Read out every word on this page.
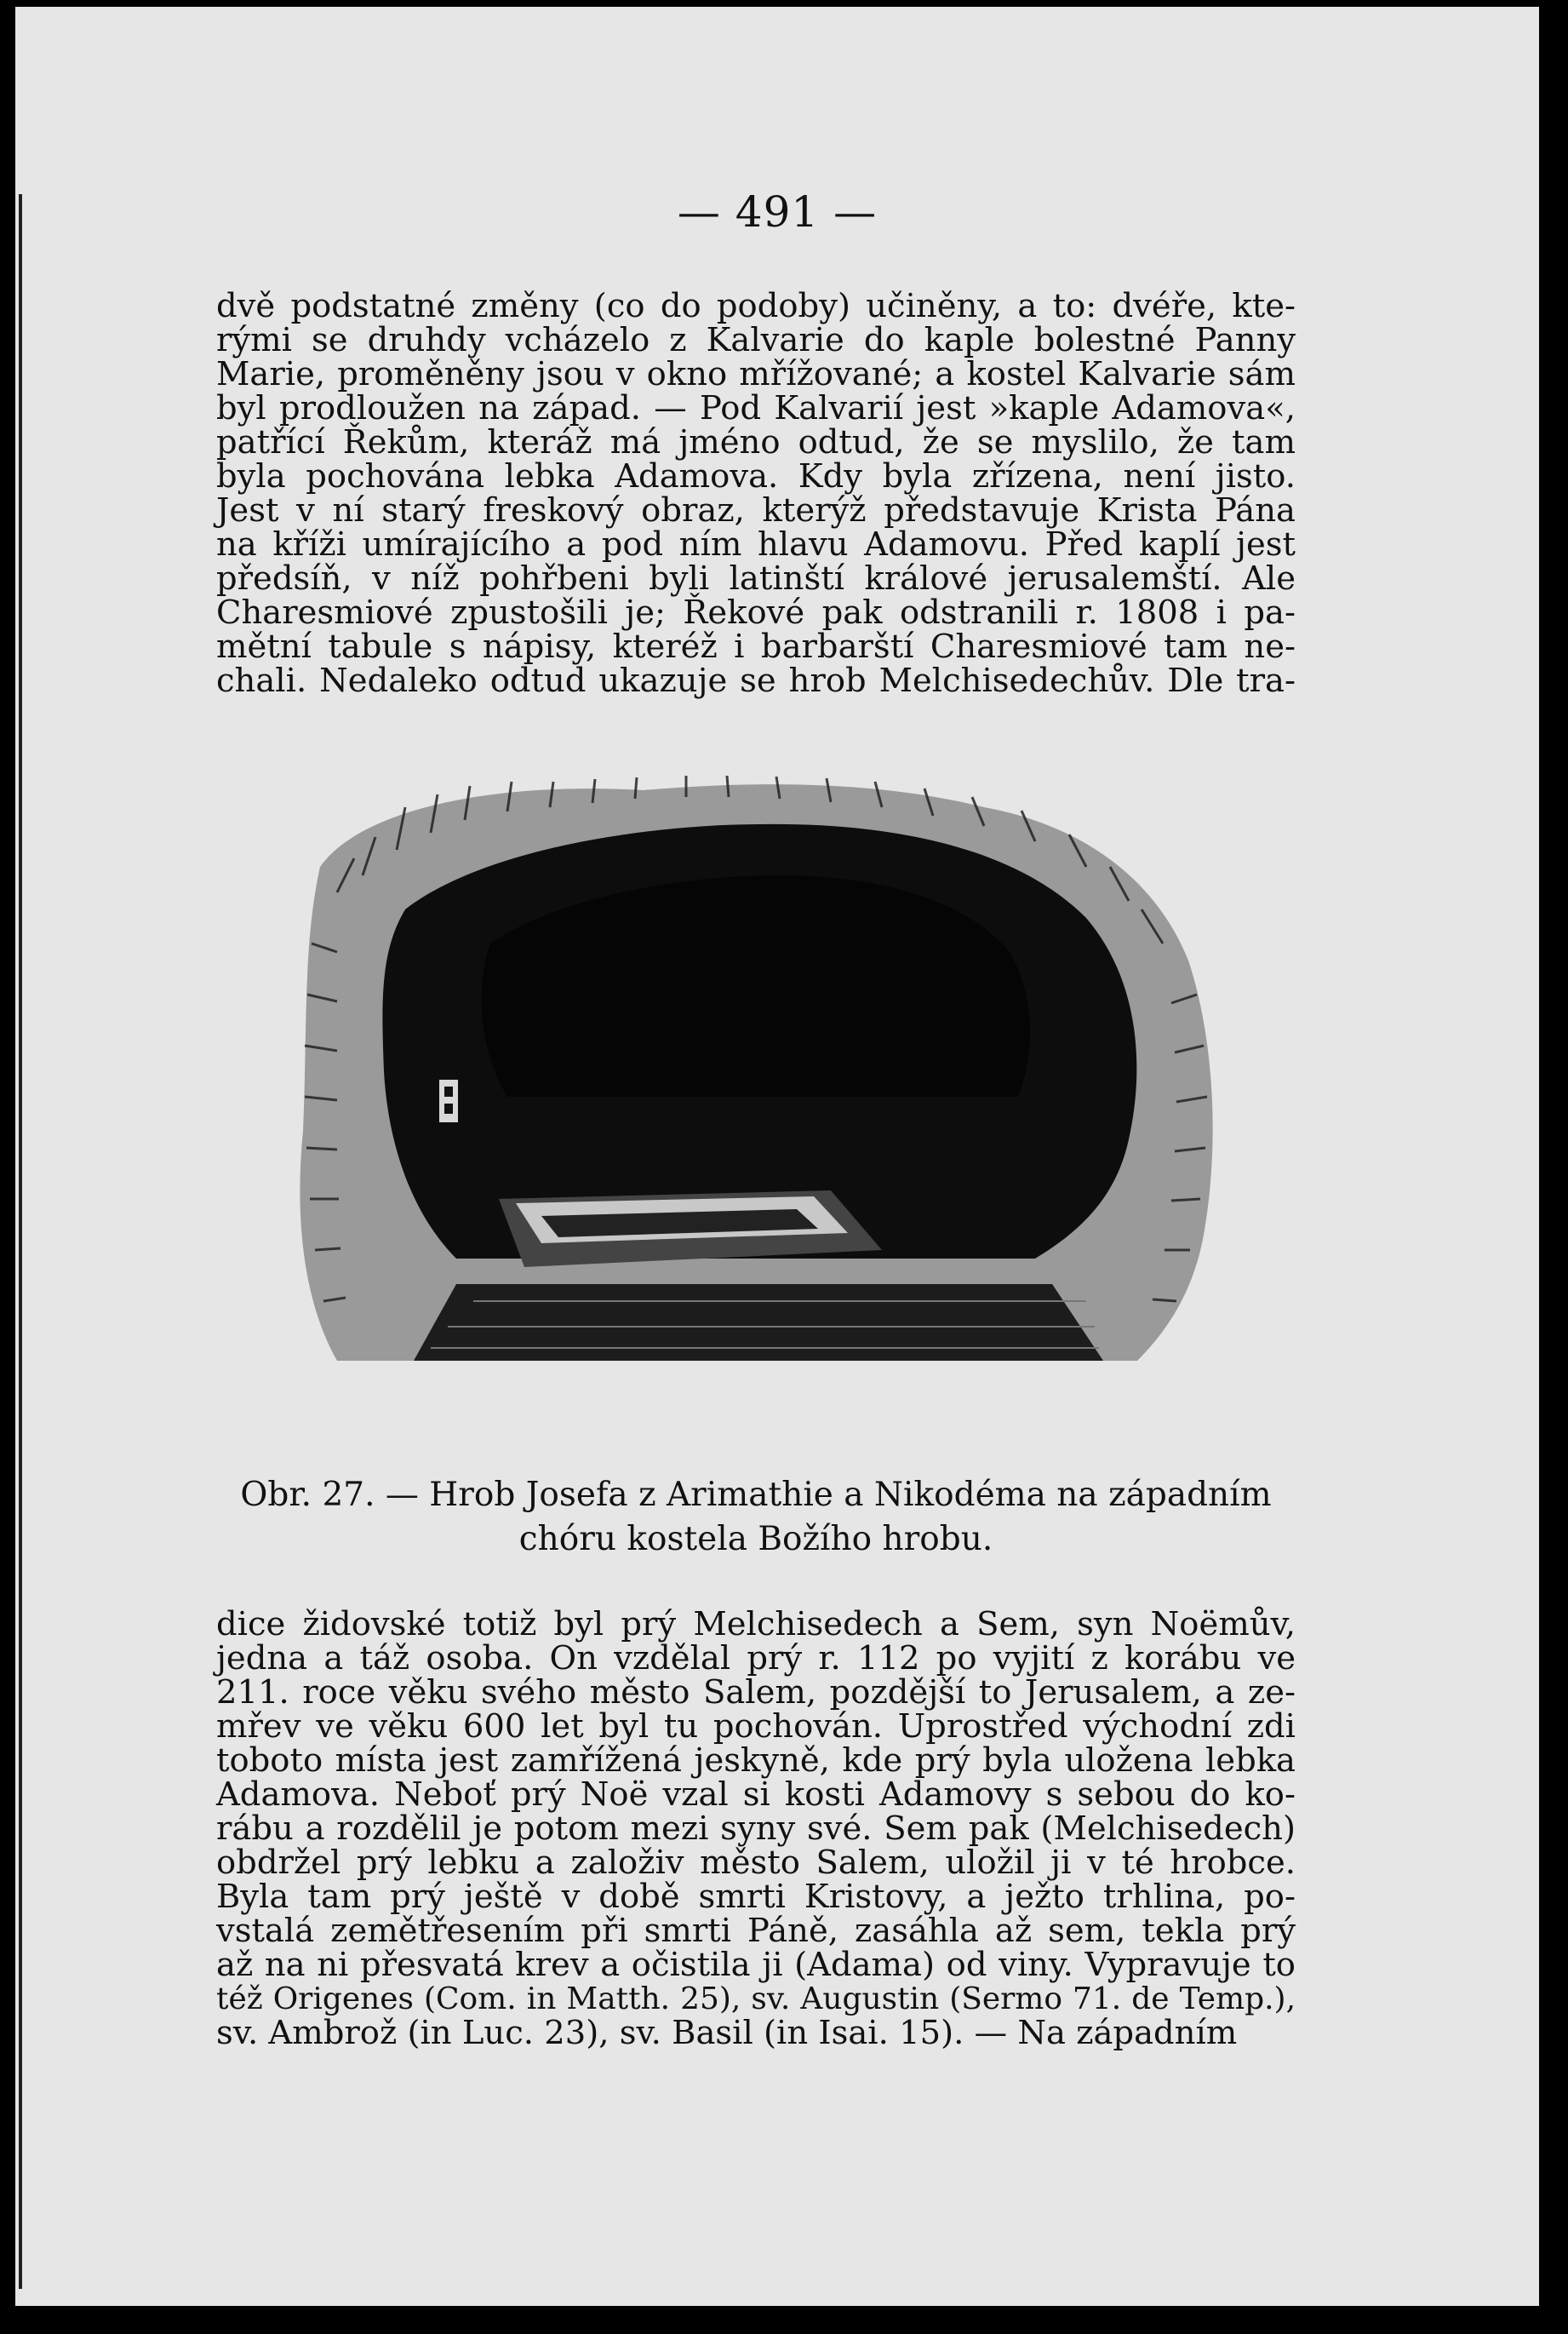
— 491 —
dvě podstatné změny (co do podoby) učiněny, a to: dvéře, kte-
rými se druhdy vcházelo z Kalvarie do kaple bolestné Panny
Marie, proměněny jsou v okno mřížované; a kostel Kalvarie sám
byl prodloužen na západ. — Pod Kalvarií jest »kaple Adamova«,
patřící Řekům, kteráž má jméno odtud, že se myslilo, že tam
byla pochována lebka Adamova. Kdy byla zřízena, není jisto.
Jest v ní starý freskový obraz, kterýž představuje Krista Pána
na kříži umírajícího a pod ním hlavu Adamovu. Před kaplí jest
předsíň, v níž pohřbeni byli latinští králové jerusalemští. Ale
Charesmiové zpustošili je; Řekové pak odstranili r. 1808 i pa-
mětní tabule s nápisy, kteréž i barbarští Charesmiové tam ne-
chali. Nedaleko odtud ukazuje se hrob Melchisedechův. Dle tra-
Obr. 27. — Hrob Josefa z Arimathie a Nikodéma na západním
chóru kostela Božího hrobu.
dice židovské totiž byl prý Melchisedech a Sem, syn Noëmův,
jedna a táž osoba. On vzdělal prý r. 112 po vyjití z korábu ve
211. roce věku svého město Salem, pozdější to Jerusalem, a ze-
mřev ve věku 600 let byl tu pochován. Uprostřed východní zdi
toboto místa jest zamřížená jeskyně, kde prý byla uložena lebka
Adamova. Neboť prý Noë vzal si kosti Adamovy s sebou do ko-
rábu a rozdělil je potom mezi syny své. Sem pak (Melchisedech)
obdržel prý lebku a založiv město Salem, uložil ji v té hrobce.
Byla tam prý ještě v době smrti Kristovy, a ježto trhlina, po-
vstalá zemětřesením při smrti Páně, zasáhla až sem, tekla prý
až na ni přesvatá krev a očistila ji (Adama) od viny. Vypravuje to
též Origenes (Com. in Matth. 25), sv. Augustin (Sermo 71. de Temp.),
sv. Ambrož (in Luc. 23), sv. Basil (in Isai. 15). — Na západním
